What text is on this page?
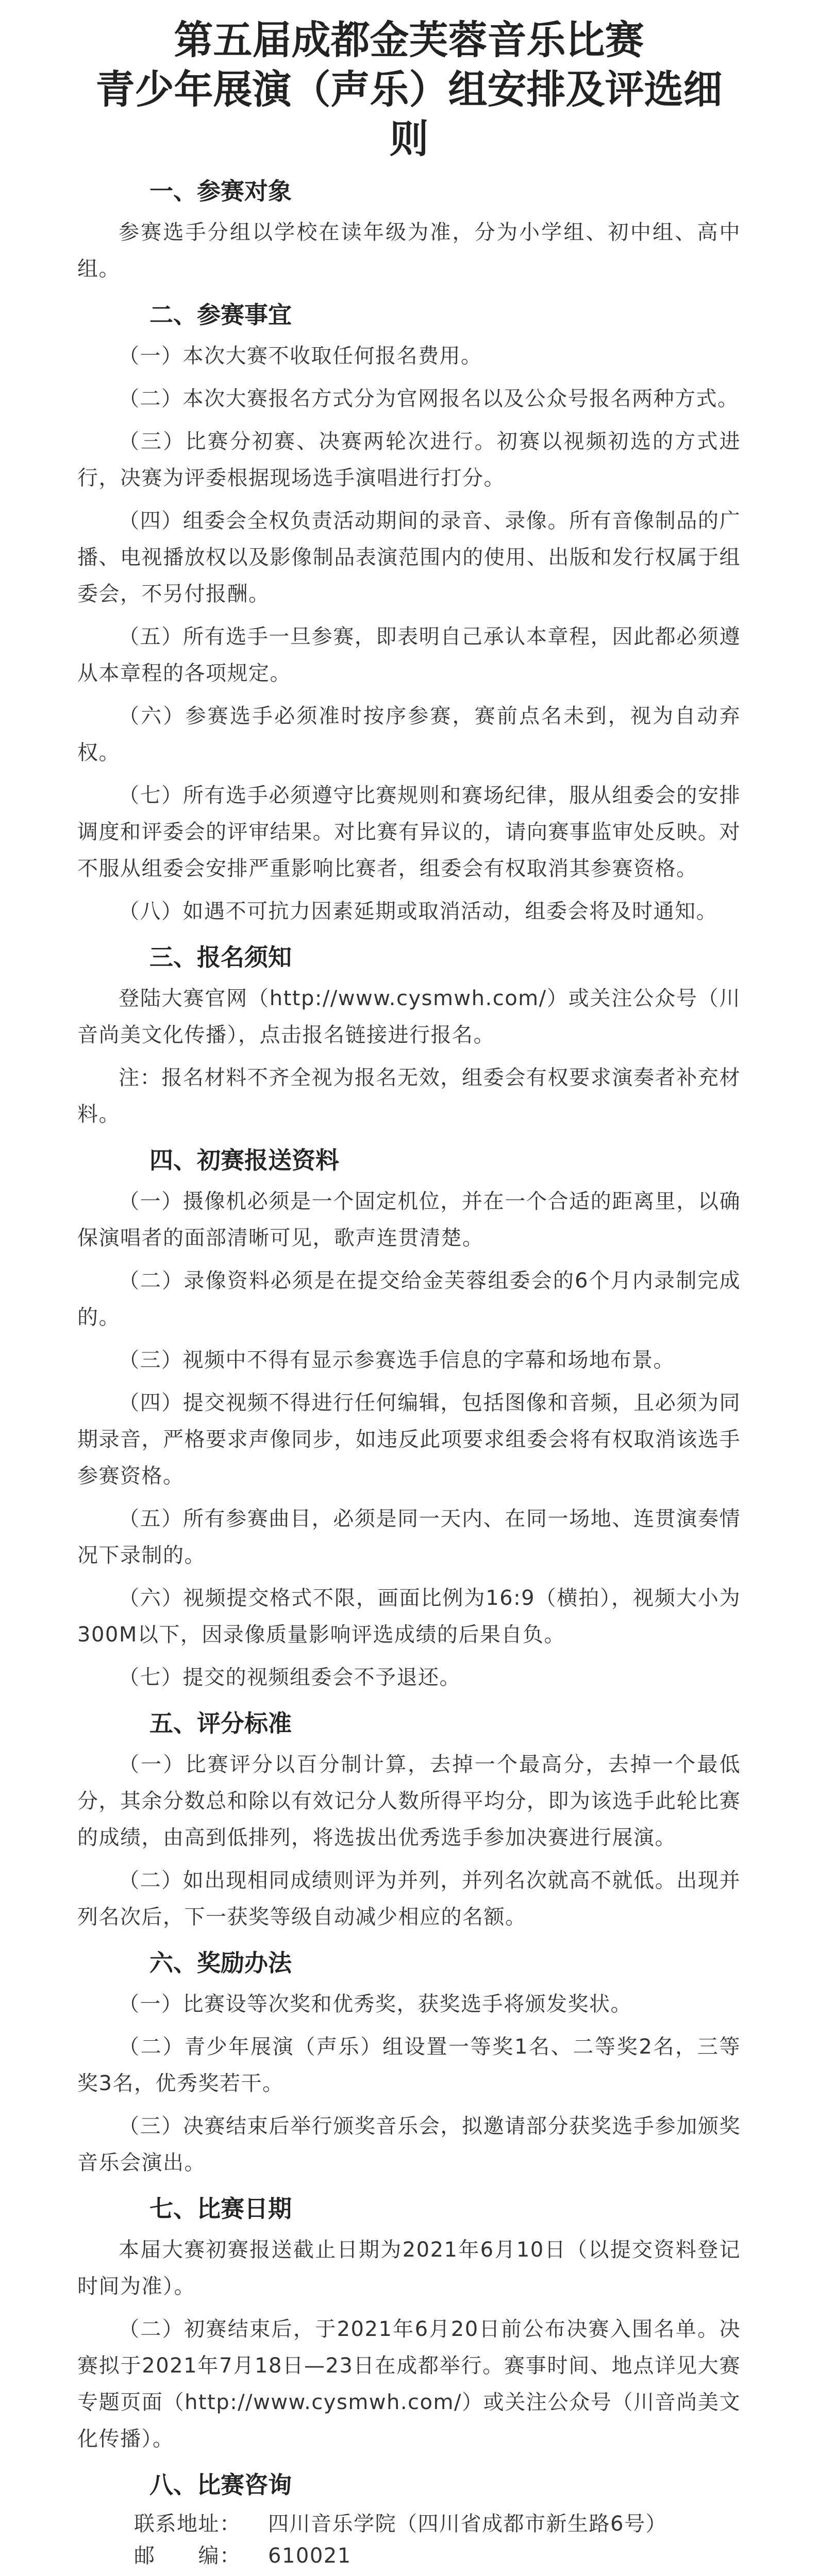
第五届成都金芙蓉音乐比赛
青少年展演（声乐）组安排及评选细则
一、参赛对象

参赛选手分组以学校在读年级为准，分为小学组、初中组、高中组。

二、参赛事宜

（一）本次大赛不收取任何报名费用。

（二）本次大赛报名方式分为官网报名以及公众号报名两种方式。

（三）比赛分初赛、决赛两轮次进行。初赛以视频初选的方式进行，决赛为评委根据现场选手演唱进行打分。

（四）组委会全权负责活动期间的录音、录像。所有音像制品的广播、电视播放权以及影像制品表演范围内的使用、出版和发行权属于组委会，不另付报酬。

（五）所有选手一旦参赛，即表明自己承认本章程，因此都必须遵从本章程的各项规定。

（六）参赛选手必须准时按序参赛，赛前点名未到，视为自动弃权。

（七）所有选手必须遵守比赛规则和赛场纪律，服从组委会的安排调度和评委会的评审结果。对比赛有异议的，请向赛事监审处反映。对不服从组委会安排严重影响比赛者，组委会有权取消其参赛资格。

（八）如遇不可抗力因素延期或取消活动，组委会将及时通知。

三、报名须知

登陆大赛官网（http://www.cysmwh.com/）或关注公众号（川音尚美文化传播），点击报名链接进行报名。

注：报名材料不齐全视为报名无效，组委会有权要求演奏者补充材料。

四、初赛报送资料

（一）摄像机必须是一个固定机位，并在一个合适的距离里，以确保演唱者的面部清晰可见，歌声连贯清楚。

（二）录像资料必须是在提交给金芙蓉组委会的6个月内录制完成的。

（三）视频中不得有显示参赛选手信息的字幕和场地布景。

（四）提交视频不得进行任何编辑，包括图像和音频，且必须为同期录音，严格要求声像同步，如违反此项要求组委会将有权取消该选手参赛资格。

（五）所有参赛曲目，必须是同一天内、在同一场地、连贯演奏情况下录制的。

（六）视频提交格式不限，画面比例为16:9（横拍），视频大小为300M以下，因录像质量影响评选成绩的后果自负。

（七）提交的视频组委会不予退还。

五、评分标准

（一）比赛评分以百分制计算，去掉一个最高分，去掉一个最低分，其余分数总和除以有效记分人数所得平均分，即为该选手此轮比赛的成绩，由高到低排列，将选拔出优秀选手参加决赛进行展演。

（二）如出现相同成绩则评为并列，并列名次就高不就低。出现并列名次后，下一获奖等级自动减少相应的名额。

六、奖励办法

（一）比赛设等次奖和优秀奖，获奖选手将颁发奖状。

（二）青少年展演（声乐）组设置一等奖1名、二等奖2名，三等奖3名，优秀奖若干。

（三）决赛结束后举行颁奖音乐会，拟邀请部分获奖选手参加颁奖音乐会演出。

七、比赛日期

本届大赛初赛报送截止日期为2021年6月10日（以提交资料登记时间为准）。

（二）初赛结束后，于2021年6月20日前公布决赛入围名单。决赛拟于2021年7月18日—23日在成都举行。赛事时间、地点详见大赛专题页面（http://www.cysmwh.com/）或关注公众号（川音尚美文化传播）。

八、比赛咨询
联系地址： 四川音乐学院（四川省成都市新生路6号）
邮　　编： 610021
